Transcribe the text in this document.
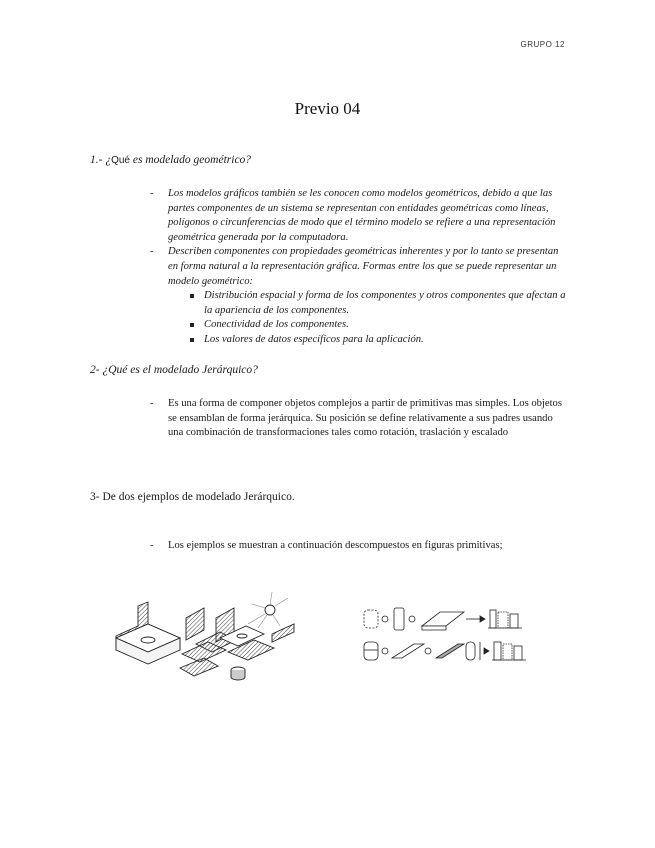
GRUPO 12
Previo 04
1.- ¿Qué es modelado geométrico?
- Los modelos gráficos también se les conocen como modelos geométricos, debido a que las partes componentes de un sistema se representan con entidades geométricas como líneas, polígonos o circunferencias de modo que el término modelo se refiere a una representación geométrica generada por la computadora.
- Describen componentes con propiedades geométricas inherentes y por lo tanto se presentan en forma natural a la representación gráfica. Formas entre los que se puede representar un modelo geométrico:
Distribución espacial y forma de los componentes y otros componentes que afectan a la apariencia de los componentes.
Conectividad de los componentes.
Los valores de datos específicos para la aplicación.
2- ¿Qué es el modelado Jerárquico?
- Es una forma de componer objetos complejos a partir de primitivas mas simples. Los objetos se ensamblan de forma jerárquica. Su posición se define relativamente a sus padres usando una combinación de transformaciones tales como rotación, traslación y escalado
3- De dos ejemplos de modelado Jerárquico.
- Los ejemplos se muestran a continuación descompuestos en figuras primitivas;
